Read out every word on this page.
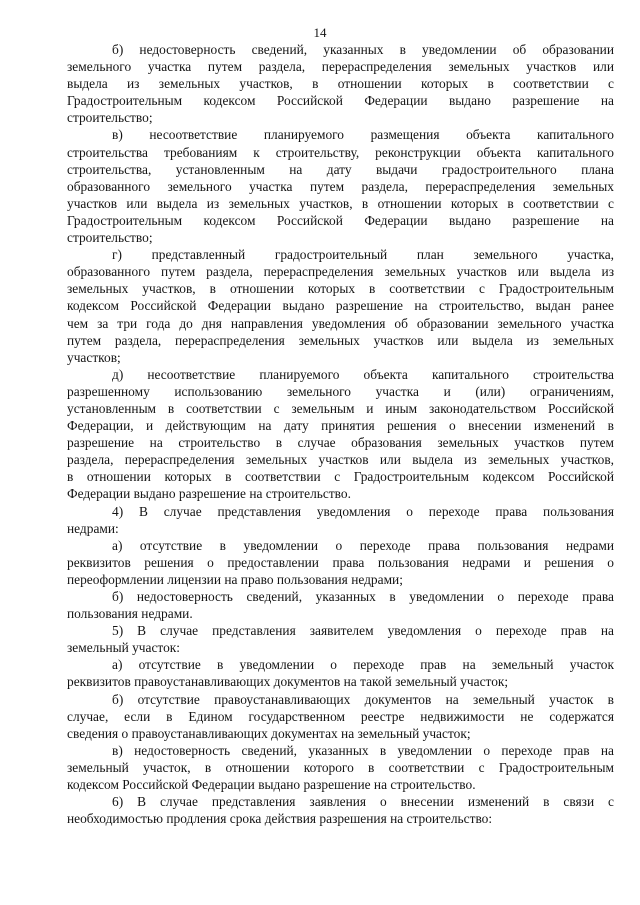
14
б) недостоверность сведений, указанных в уведомлении об образовании
земельного участка путем раздела, перераспределения земельных участков или
выдела из земельных участков, в отношении которых в соответствии с
Градостроительным кодексом Российской Федерации выдано разрешение на
строительство;
в) несоответствие планируемого размещения объекта капитального
строительства требованиям к строительству, реконструкции объекта капитального
строительства, установленным на дату выдачи градостроительного плана
образованного земельного участка путем раздела, перераспределения земельных
участков или выдела из земельных участков, в отношении которых в соответствии с
Градостроительным кодексом Российской Федерации выдано разрешение на
строительство;
г) представленный градостроительный план земельного участка,
образованного путем раздела, перераспределения земельных участков или выдела из
земельных участков, в отношении которых в соответствии с Градостроительным
кодексом Российской Федерации выдано разрешение на строительство, выдан ранее
чем за три года до дня направления уведомления об образовании земельного участка
путем раздела, перераспределения земельных участков или выдела из земельных
участков;
д) несоответствие планируемого объекта капитального строительства
разрешенному использованию земельного участка и (или) ограничениям,
установленным в соответствии с земельным и иным законодательством Российской
Федерации, и действующим на дату принятия решения о внесении изменений в
разрешение на строительство в случае образования земельных участков путем
раздела, перераспределения земельных участков или выдела из земельных участков,
в отношении которых в соответствии с Градостроительным кодексом Российской
Федерации выдано разрешение на строительство.
4) В случае представления уведомления о переходе права пользования
недрами:
а) отсутствие в уведомлении о переходе права пользования недрами
реквизитов решения о предоставлении права пользования недрами и решения о
переоформлении лицензии на право пользования недрами;
б) недостоверность сведений, указанных в уведомлении о переходе права
пользования недрами.
5) В случае представления заявителем уведомления о переходе прав на
земельный участок:
а) отсутствие в уведомлении о переходе прав на земельный участок
реквизитов правоустанавливающих документов на такой земельный участок;
б) отсутствие правоустанавливающих документов на земельный участок в
случае, если в Едином государственном реестре недвижимости не содержатся
сведения о правоустанавливающих документах на земельный участок;
в) недостоверность сведений, указанных в уведомлении о переходе прав на
земельный участок, в отношении которого в соответствии с Градостроительным
кодексом Российской Федерации выдано разрешение на строительство.
6) В случае представления заявления о внесении изменений в связи с
необходимостью продления срока действия разрешения на строительство:
